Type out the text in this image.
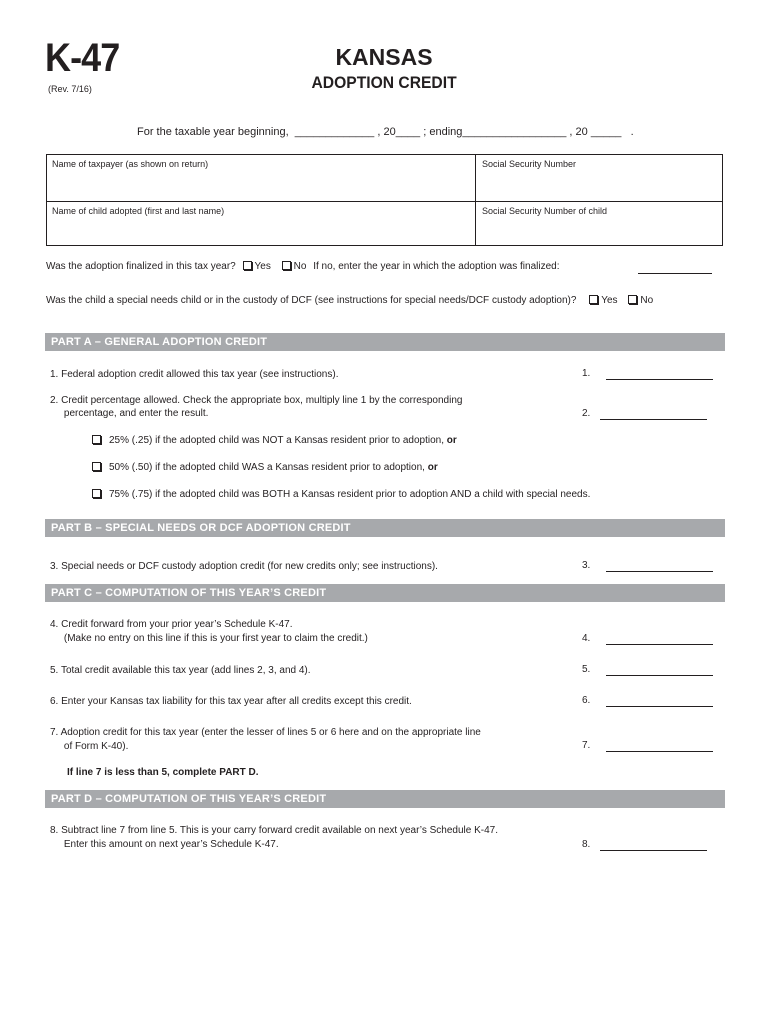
K-47
(Rev. 7/16)
KANSAS
ADOPTION CREDIT
For the taxable year beginning,  _____________ , 20____ ; ending_________________ , 20 _____   .
Name of taxpayer (as shown on return)	Social Security Number
Name of child adopted (first and last name)	Social Security Number of child
Was the adoption finalized in this tax year? Yes No If no, enter the year in which the adoption was finalized:
Was the child a special needs child or in the custody of DCF (see instructions for special needs/DCF custody adoption)? Yes No
PART A – GENERAL ADOPTION CREDIT
1. Federal adoption credit allowed this tax year (see instructions).	1.
2. Credit percentage allowed. Check the appropriate box, multiply line 1 by the corresponding
percentage, and enter the result.	2.
25% (.25) if the adopted child was NOT a Kansas resident prior to adoption, or
50% (.50) if the adopted child WAS a Kansas resident prior to adoption, or
75% (.75) if the adopted child was BOTH a Kansas resident prior to adoption AND a child with special needs.
PART B – SPECIAL NEEDS OR DCF ADOPTION CREDIT
3. Special needs or DCF custody adoption credit (for new credits only; see instructions).	3.
PART C – COMPUTATION OF THIS YEAR’S CREDIT
4. Credit forward from your prior year’s Schedule K-47.
(Make no entry on this line if this is your first year to claim the credit.)	4.
5. Total credit available this tax year (add lines 2, 3, and 4).	5.
6. Enter your Kansas tax liability for this tax year after all credits except this credit.	6.
7. Adoption credit for this tax year (enter the lesser of lines 5 or 6 here and on the appropriate line
of Form K-40).	7.
If line 7 is less than 5, complete PART D.
PART D – COMPUTATION OF THIS YEAR’S CREDIT
8. Subtract line 7 from line 5. This is your carry forward credit available on next year’s Schedule K-47.
Enter this amount on next year’s Schedule K-47.	8.
